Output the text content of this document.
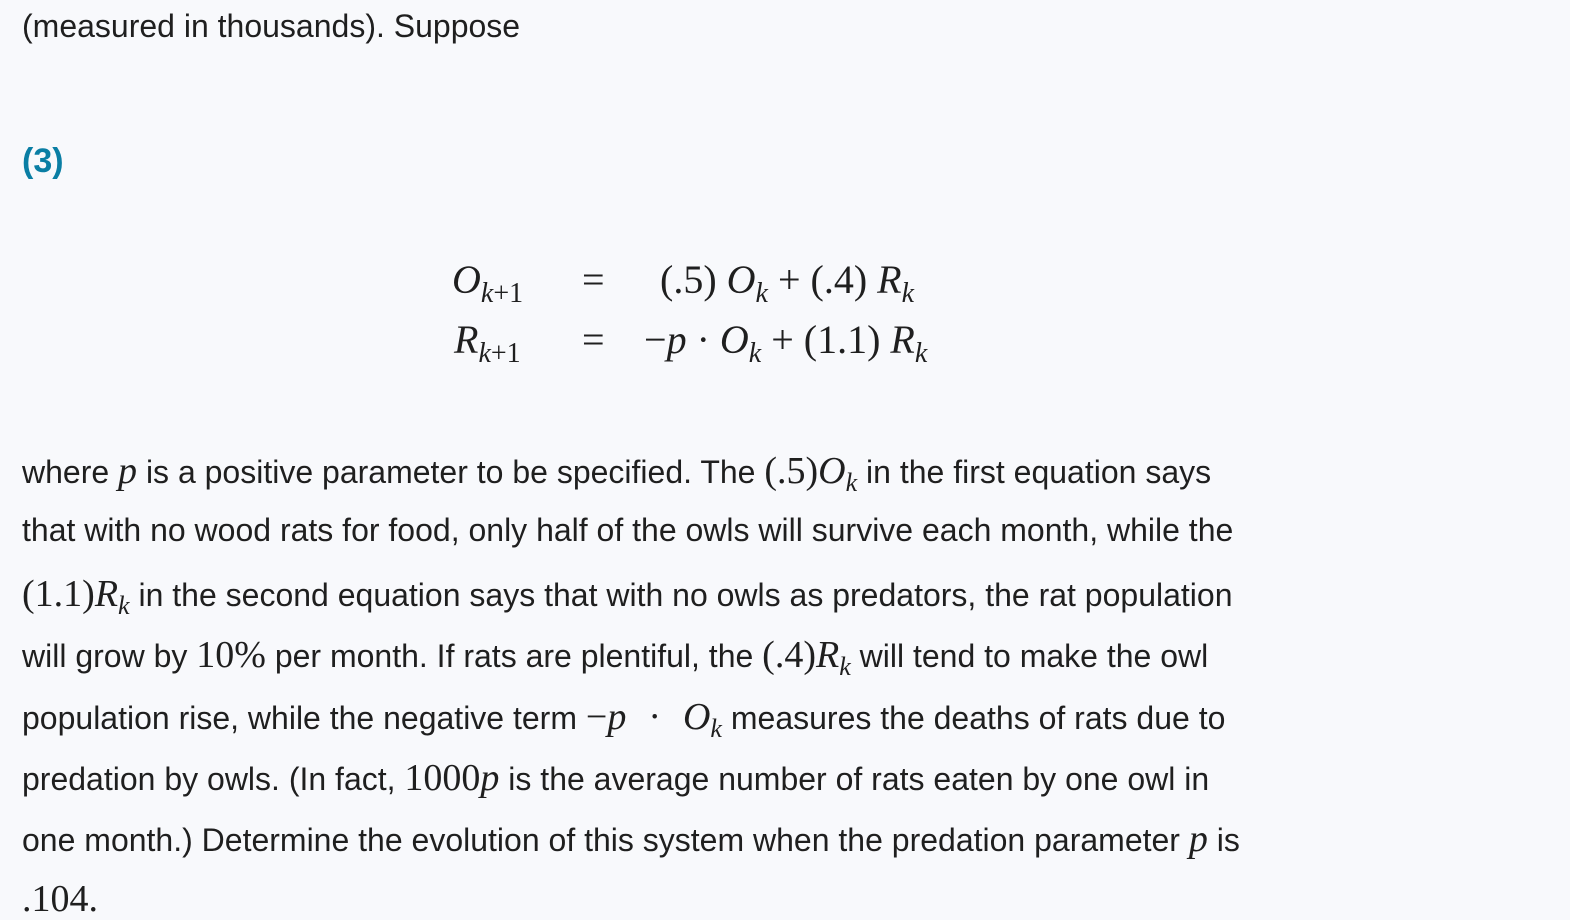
(measured in thousands). Suppose
(3)
$O_{k+1} = (.5) O_k + (.4)$ $R_k$
$R_{k+1} = -p \cdot O_k + (1.1)$ $R_k$
where p is a positive parameter to be specified. The $(.5)O_k$ in the first equation says
that with no wood rats for food, only half of the owls will survive each month, while the
$(1.1)R_k$ in the second equation says that with no owls as predators, the rat population
will grow by 10% per month. If rats are plentiful, the $(.4)R_k$ will tend to make the owl
population rise, while the negative term $-p \cdot O_k$ measures the deaths of rats due to
predation by owls. (In fact, 1000p is the average number of rats eaten by one owl in
one month.) Determine the evolution of this system when the predation parameter p is
.104.
